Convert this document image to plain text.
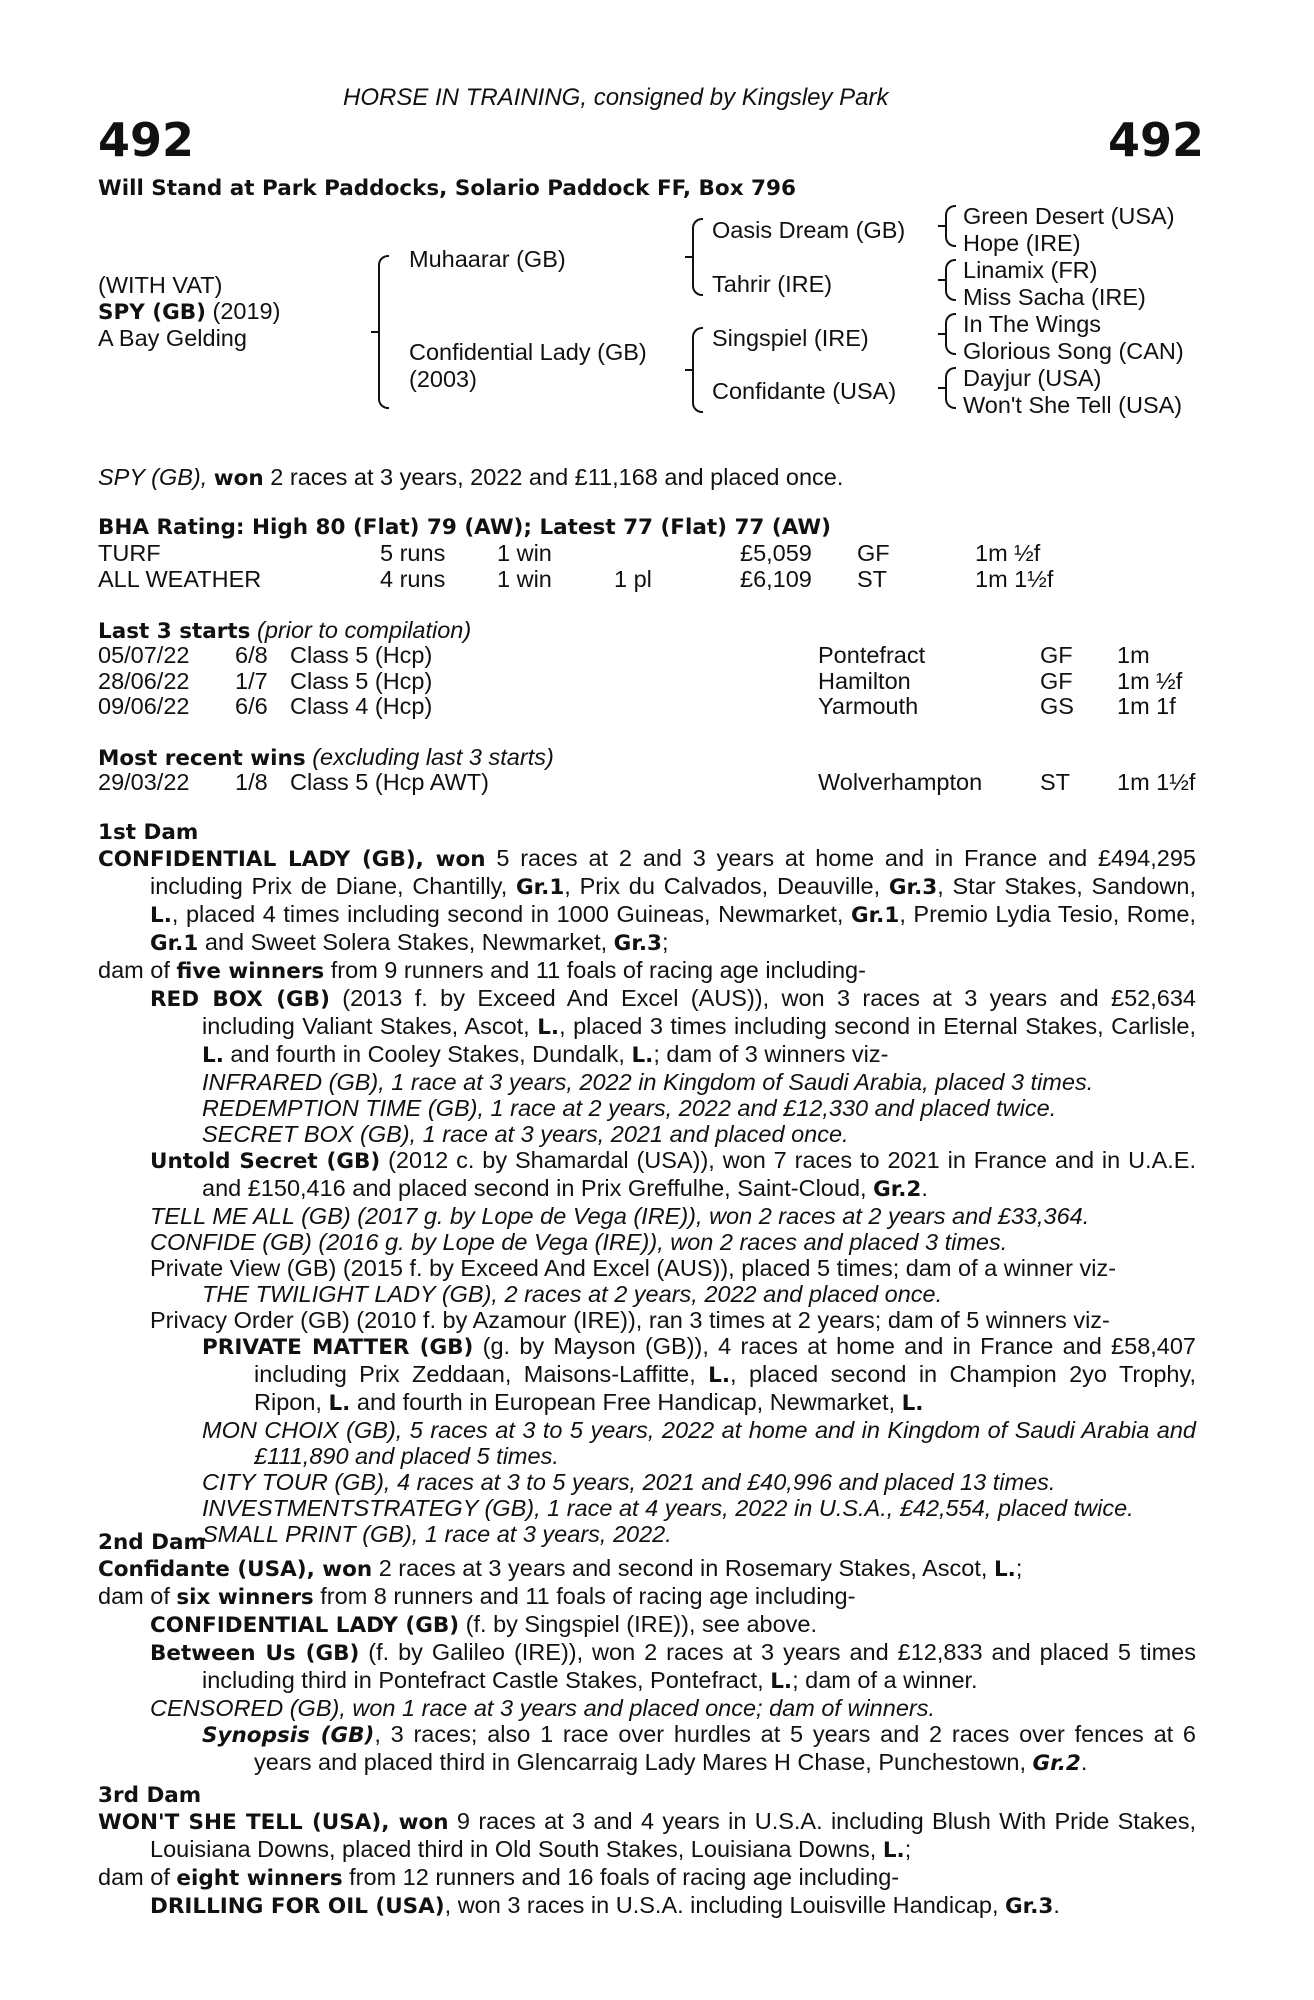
HORSE IN TRAINING, consigned by Kingsley Park
492	492
Will Stand at Park Paddocks, Solario Paddock FF, Box 796
(WITH VAT)
SPY (GB) (2019)
A Bay Gelding
Muhaarar (GB)
Confidential Lady (GB)
(2003)
Oasis Dream (GB)
Tahrir (IRE)
Singspiel (IRE)
Confidante (USA)
Green Desert (USA)
Hope (IRE)
Linamix (FR)
Miss Sacha (IRE)
In The Wings
Glorious Song (CAN)
Dayjur (USA)
Won't She Tell (USA)
SPY (GB), won 2 races at 3 years, 2022 and £11,168 and placed once.
BHA Rating: High 80 (Flat) 79 (AW); Latest 77 (Flat) 77 (AW)
TURF	5 runs 1 win	£5,059 GF	1m ½f
ALL WEATHER	4 runs 1 win	1 pl	£6,109 ST	1m 1½f
Last 3 starts (prior to compilation)
05/07/22 6/8 Class 5 (Hcp)	Pontefract	GF 1m
28/06/22 1/7 Class 5 (Hcp)	Hamilton	GF 1m ½f
09/06/22 6/6 Class 4 (Hcp)	Yarmouth	GS 1m 1f
Most recent wins (excluding last 3 starts)
29/03/22 1/8 Class 5 (Hcp AWT)	Wolverhampton ST 1m 1½f
1st Dam

CONFIDENTIAL LADY (GB), won 5 races at 2 and 3 years at home and in France and £494,295 including Prix de Diane, Chantilly, Gr.1, Prix du Calvados, Deauville, Gr.3, Star Stakes, Sandown, L., placed 4 times including second in 1000 Guineas, Newmarket, Gr.1, Premio Lydia Tesio, Rome, Gr.1 and Sweet Solera Stakes, Newmarket, Gr.3;

dam of five winners from 9 runners and 11 foals of racing age including-

RED BOX (GB) (2013 f. by Exceed And Excel (AUS)), won 3 races at 3 years and £52,634 including Valiant Stakes, Ascot, L., placed 3 times including second in Eternal Stakes, Carlisle, L. and fourth in Cooley Stakes, Dundalk, L.; dam of 3 winners viz-

INFRARED (GB), 1 race at 3 years, 2022 in Kingdom of Saudi Arabia, placed 3 times.

REDEMPTION TIME (GB), 1 race at 2 years, 2022 and £12,330 and placed twice.

SECRET BOX (GB), 1 race at 3 years, 2021 and placed once.

Untold Secret (GB) (2012 c. by Shamardal (USA)), won 7 races to 2021 in France and in U.A.E. and £150,416 and placed second in Prix Greffulhe, Saint-Cloud, Gr.2.

TELL ME ALL (GB) (2017 g. by Lope de Vega (IRE)), won 2 races at 2 years and £33,364.

CONFIDE (GB) (2016 g. by Lope de Vega (IRE)), won 2 races and placed 3 times.

Private View (GB) (2015 f. by Exceed And Excel (AUS)), placed 5 times; dam of a winner viz-

THE TWILIGHT LADY (GB), 2 races at 2 years, 2022 and placed once.

Privacy Order (GB) (2010 f. by Azamour (IRE)), ran 3 times at 2 years; dam of 5 winners viz-

PRIVATE MATTER (GB) (g. by Mayson (GB)), 4 races at home and in France and £58,407 including Prix Zeddaan, Maisons-Laffitte, L., placed second in Champion 2yo Trophy, Ripon, L. and fourth in European Free Handicap, Newmarket, L.

MON CHOIX (GB), 5 races at 3 to 5 years, 2022 at home and in Kingdom of Saudi Arabia and £111,890 and placed 5 times.

CITY TOUR (GB), 4 races at 3 to 5 years, 2021 and £40,996 and placed 13 times.

INVESTMENTSTRATEGY (GB), 1 race at 4 years, 2022 in U.S.A., £42,554, placed twice.

SMALL PRINT (GB), 1 race at 3 years, 2022.

2nd Dam

Confidante (USA), won 2 races at 3 years and second in Rosemary Stakes, Ascot, L.;

dam of six winners from 8 runners and 11 foals of racing age including-

CONFIDENTIAL LADY (GB) (f. by Singspiel (IRE)), see above.

Between Us (GB) (f. by Galileo (IRE)), won 2 races at 3 years and £12,833 and placed 5 times including third in Pontefract Castle Stakes, Pontefract, L.; dam of a winner.

CENSORED (GB), won 1 race at 3 years and placed once; dam of winners.

Synopsis (GB), 3 races; also 1 race over hurdles at 5 years and 2 races over fences at 6 years and placed third in Glencarraig Lady Mares H Chase, Punchestown, Gr.2.

3rd Dam

WON'T SHE TELL (USA), won 9 races at 3 and 4 years in U.S.A. including Blush With Pride Stakes, Louisiana Downs, placed third in Old South Stakes, Louisiana Downs, L.;

dam of eight winners from 12 runners and 16 foals of racing age including-

DRILLING FOR OIL (USA), won 3 races in U.S.A. including Louisville Handicap, Gr.3.
